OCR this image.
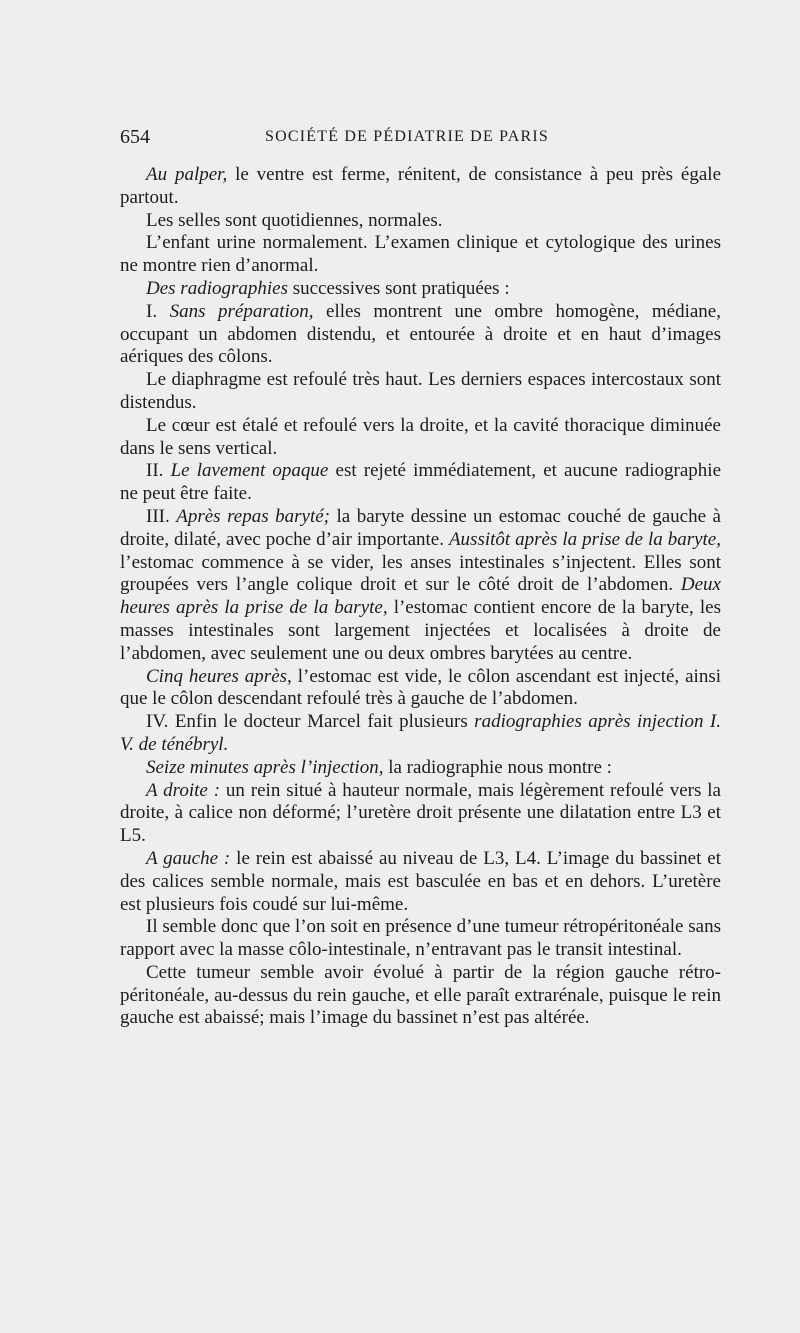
654	SOCIÉTÉ DE PÉDIATRIE DE PARIS

Au palper, le ventre est ferme, rénitent, de consistance à peu près égale partout.

Les selles sont quotidiennes, normales.

L’enfant urine normalement. L’examen clinique et cytologique des urines ne montre rien d’anormal.

Des radiographies successives sont pratiquées :

I. Sans préparation, elles montrent une ombre homogène, médiane, occupant un abdomen distendu, et entourée à droite et en haut d’images aériques des côlons.

Le diaphragme est refoulé très haut. Les derniers espaces intercostaux sont distendus.

Le cœur est étalé et refoulé vers la droite, et la cavité thoracique diminuée dans le sens vertical.

II. Le lavement opaque est rejeté immédiatement, et aucune radiographie ne peut être faite.

III. Après repas baryté; la baryte dessine un estomac couché de gauche à droite, dilaté, avec poche d’air importante. Aussitôt après la prise de la baryte, l’estomac commence à se vider, les anses intestinales s’injectent. Elles sont groupées vers l’angle colique droit et sur le côté droit de l’abdomen. Deux heures après la prise de la baryte, l’estomac contient encore de la baryte, les masses intestinales sont largement injectées et localisées à droite de l’abdomen, avec seulement une ou deux ombres barytées au centre.

Cinq heures après, l’estomac est vide, le côlon ascendant est injecté, ainsi que le côlon descendant refoulé très à gauche de l’abdomen.

IV. Enfin le docteur Marcel fait plusieurs radiographies après injection I. V. de ténébryl.

Seize minutes après l’injection, la radiographie nous montre :

A droite : un rein situé à hauteur normale, mais légèrement refoulé vers la droite, à calice non déformé; l’uretère droit présente une dilatation entre L3 et L5.

A gauche : le rein est abaissé au niveau de L3, L4. L’image du bassinet et des calices semble normale, mais est basculée en bas et en dehors. L’uretère est plusieurs fois coudé sur lui-même.

Il semble donc que l’on soit en présence d’une tumeur rétropéritonéale sans rapport avec la masse côlo-intestinale, n’entravant pas le transit intestinal.

Cette tumeur semble avoir évolué à partir de la région gauche rétro-péritonéale, au-dessus du rein gauche, et elle paraît extrarénale, puisque le rein gauche est abaissé; mais l’image du bassinet n’est pas altérée.
